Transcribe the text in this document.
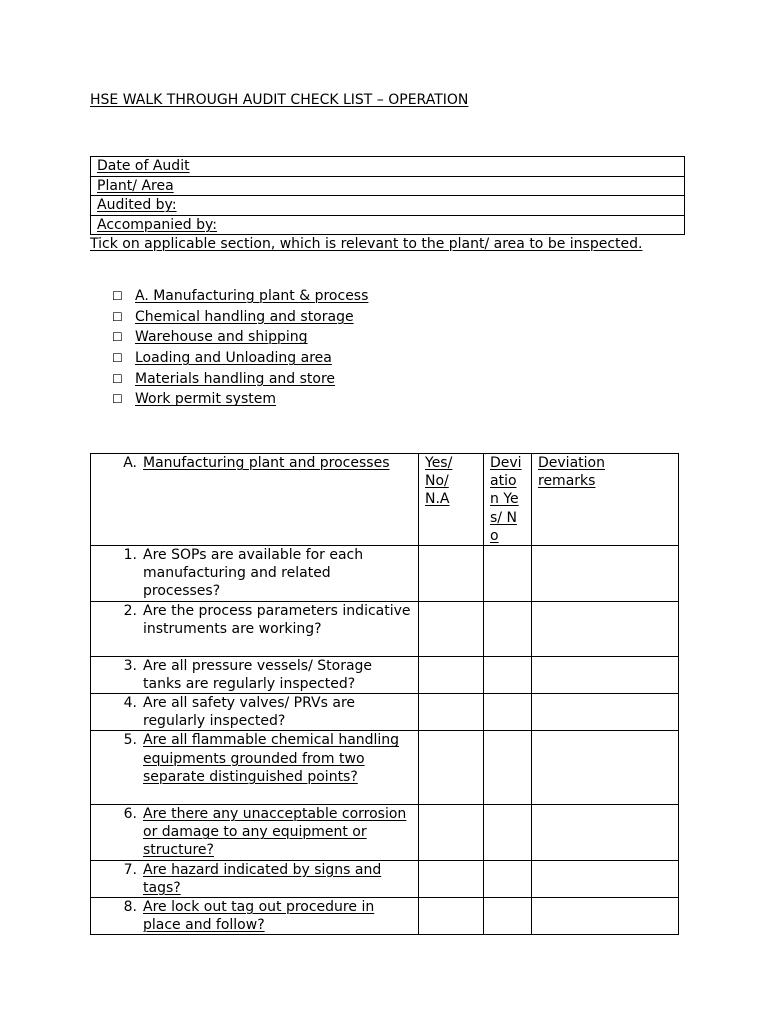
HSE WALK THROUGH AUDIT CHECK LIST – OPERATION
Date of Audit
Plant/ Area
Audited by:
Accompanied by:
Tick on applicable section, which is relevant to the plant/ area to be inspected.
☐ A. Manufacturing plant & process
☐ Chemical handling and storage
☐ Warehouse and shipping
☐ Loading and Unloading area
☐ Materials handling and store
☐ Work permit system
A. Manufacturing plant and processes	Yes/ No/ N.A	Devi atio n Yes/ No	Deviation remarks

1. Are SOPs are available for each manufacturing and related processes?			

2. Are the process parameters indicative instruments are working?			

3. Are all pressure vessels/ Storage tanks are regularly inspected?			

4. Are all safety valves/ PRVs are regularly inspected?			

5. Are all flammable chemical handling equipments grounded from two separate distinguished points?			

6. Are there any unacceptable corrosion or damage to any equipment or structure?			

7. Are hazard indicated by signs and tags?			

8. Are lock out tag out procedure in place and follow?			
